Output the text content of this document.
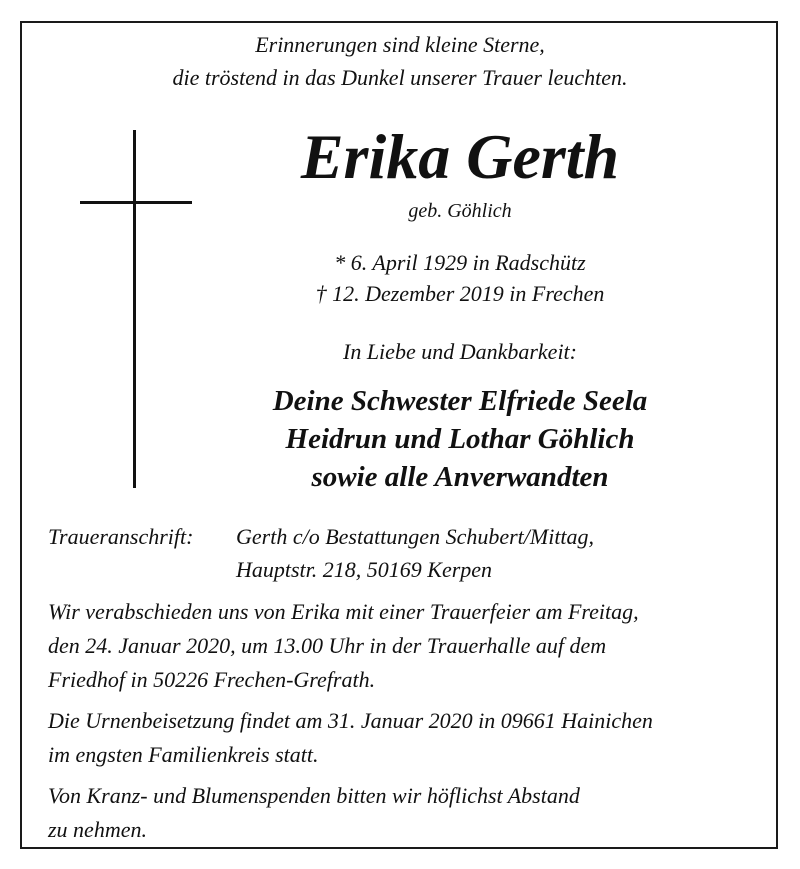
Erinnerungen sind kleine Sterne,
die tröstend in das Dunkel unserer Trauer leuchten.
Erika Gerth
geb. Göhlich
* 6. April 1929 in Radschütz
† 12. Dezember 2019 in Frechen
In Liebe und Dankbarkeit:
Deine Schwester Elfriede Seela
Heidrun und Lothar Göhlich
sowie alle Anverwandten
Traueranschrift: Gerth c/o Bestattungen Schubert/Mittag,
Hauptstr. 218, 50169 Kerpen
Wir verabschieden uns von Erika mit einer Trauerfeier am Freitag,
den 24. Januar 2020, um 13.00 Uhr in der Trauerhalle auf dem
Friedhof in 50226 Frechen-Grefrath.
Die Urnenbeisetzung findet am 31. Januar 2020 in 09661 Hainichen
im engsten Familienkreis statt.
Von Kranz- und Blumenspenden bitten wir höflichst Abstand
zu nehmen.
